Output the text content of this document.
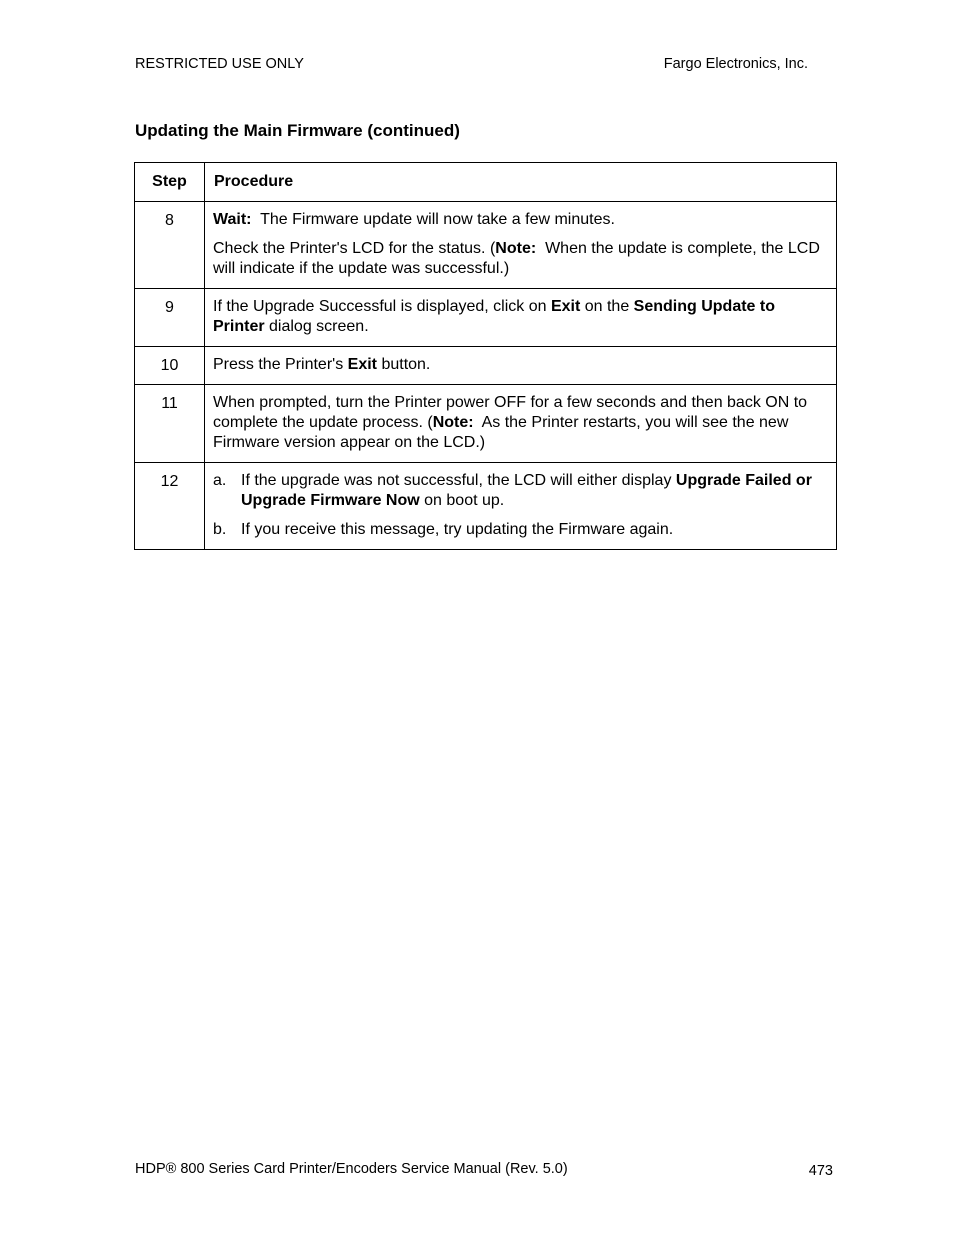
RESTRICTED USE ONLY	Fargo Electronics, Inc.
Updating the Main Firmware (continued)
Step	Procedure
8	Wait:  The Firmware update will now take a few minutes.

Check the Printer's LCD for the status. (Note:  When the update is complete, the LCD will indicate if the update was successful.)

9	If the Upgrade Successful is displayed, click on Exit on the Sending Update to Printer dialog screen.

10	Press the Printer's Exit button.

11	When prompted, turn the Printer power OFF for a few seconds and then back ON to complete the update process. (Note:  As the Printer restarts, you will see the new Firmware version appear on the LCD.)

12	a. If the upgrade was not successful, the LCD will either display Upgrade Failed or Upgrade Firmware Now on boot up.

b. If you receive this message, try updating the Firmware again.

HDP® 800 Series Card Printer/Encoders Service Manual (Rev. 5.0)	473
